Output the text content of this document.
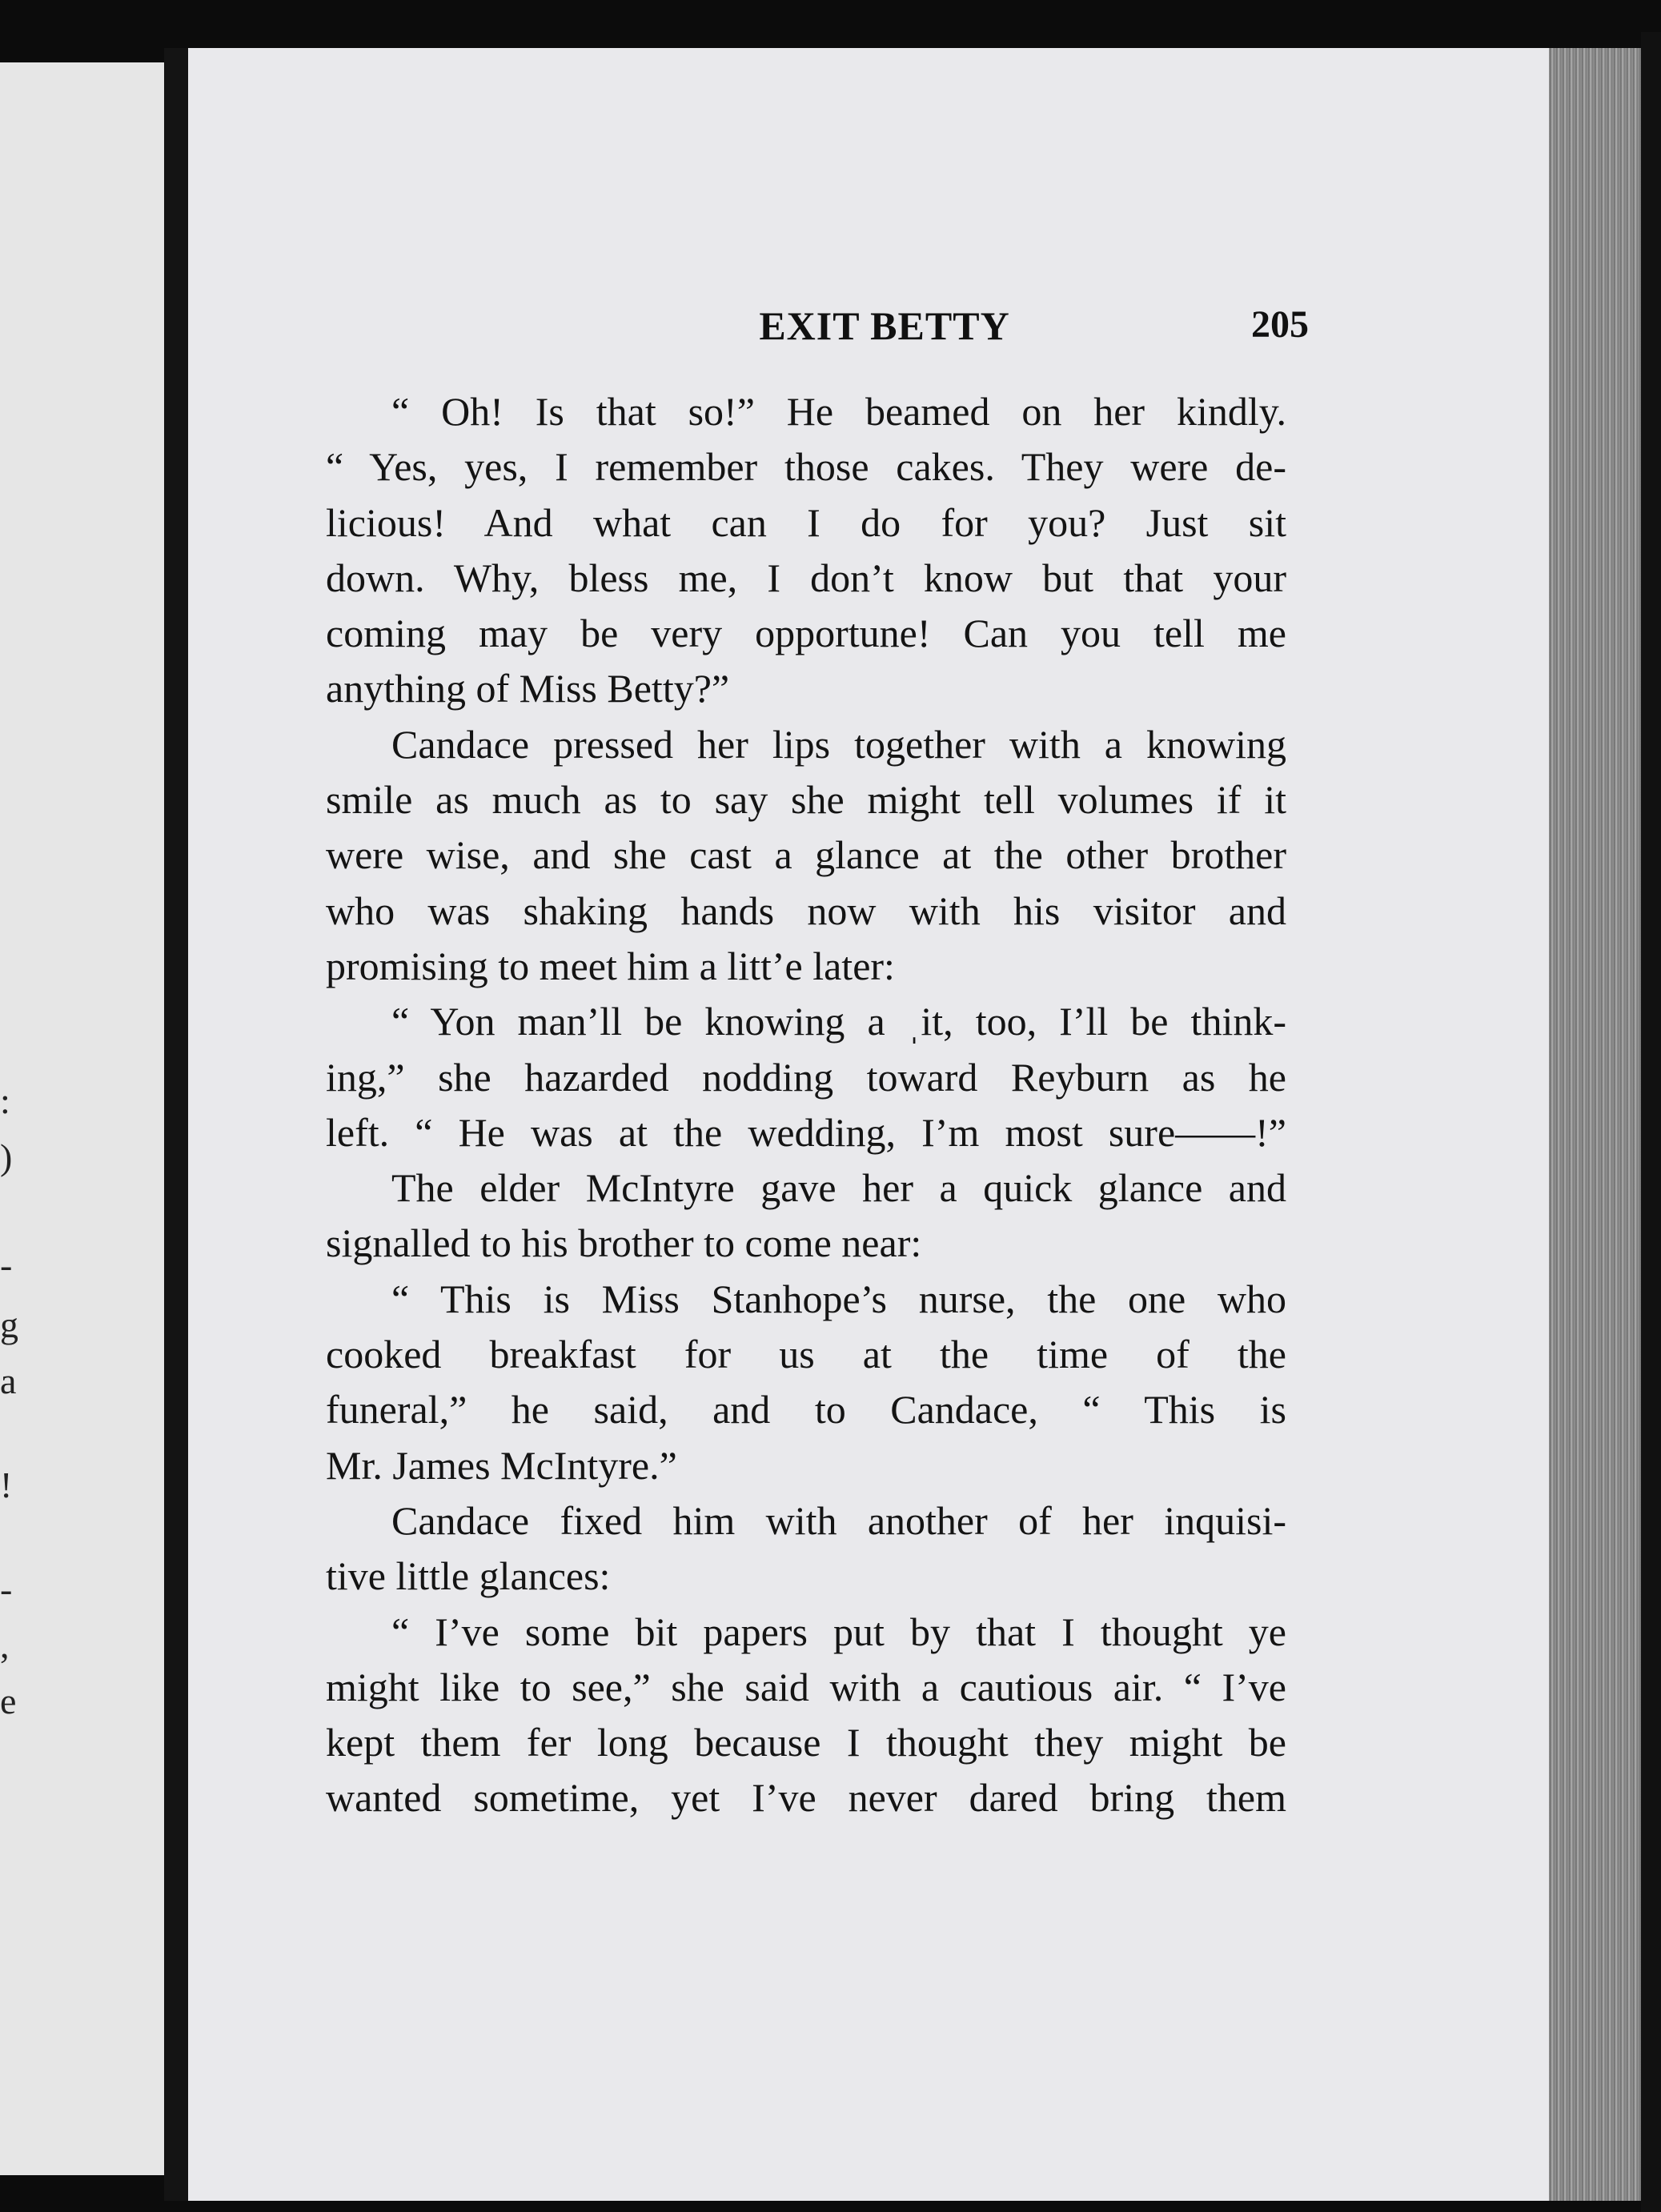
:
)
-
g
a
!
-
,
e
EXIT BETTY	205
“ Oh! Is that so!” He beamed on her kindly.
“ Yes, yes, I remember those cakes. They were de-
licious! And what can I do for you? Just sit
down. Why, bless me, I don’t know but that your
coming may be very opportune! Can you tell me
anything of Miss Betty?”
Candace pressed her lips together with a knowing
smile as much as to say she might tell volumes if it
were wise, and she cast a glance at the other brother
who was shaking hands now with his visitor and
promising to meet him a litt’e later:
“ Yon man’ll be knowing a ˌit, too, I’ll be think-
ing,” she hazarded nodding toward Reyburn as he
left. “ He was at the wedding, I’m most sure——!”
The elder McIntyre gave her a quick glance and
signalled to his brother to come near:
“ This is Miss Stanhope’s nurse, the one who
cooked breakfast for us at the time of the
funeral,” he said, and to Candace, “ This is
Mr. James McIntyre.”
Candace fixed him with another of her inquisi-
tive little glances:
“ I’ve some bit papers put by that I thought ye
might like to see,” she said with a cautious air. “ I’ve
kept them fer long because I thought they might be
wanted sometime, yet I’ve never dared bring them
